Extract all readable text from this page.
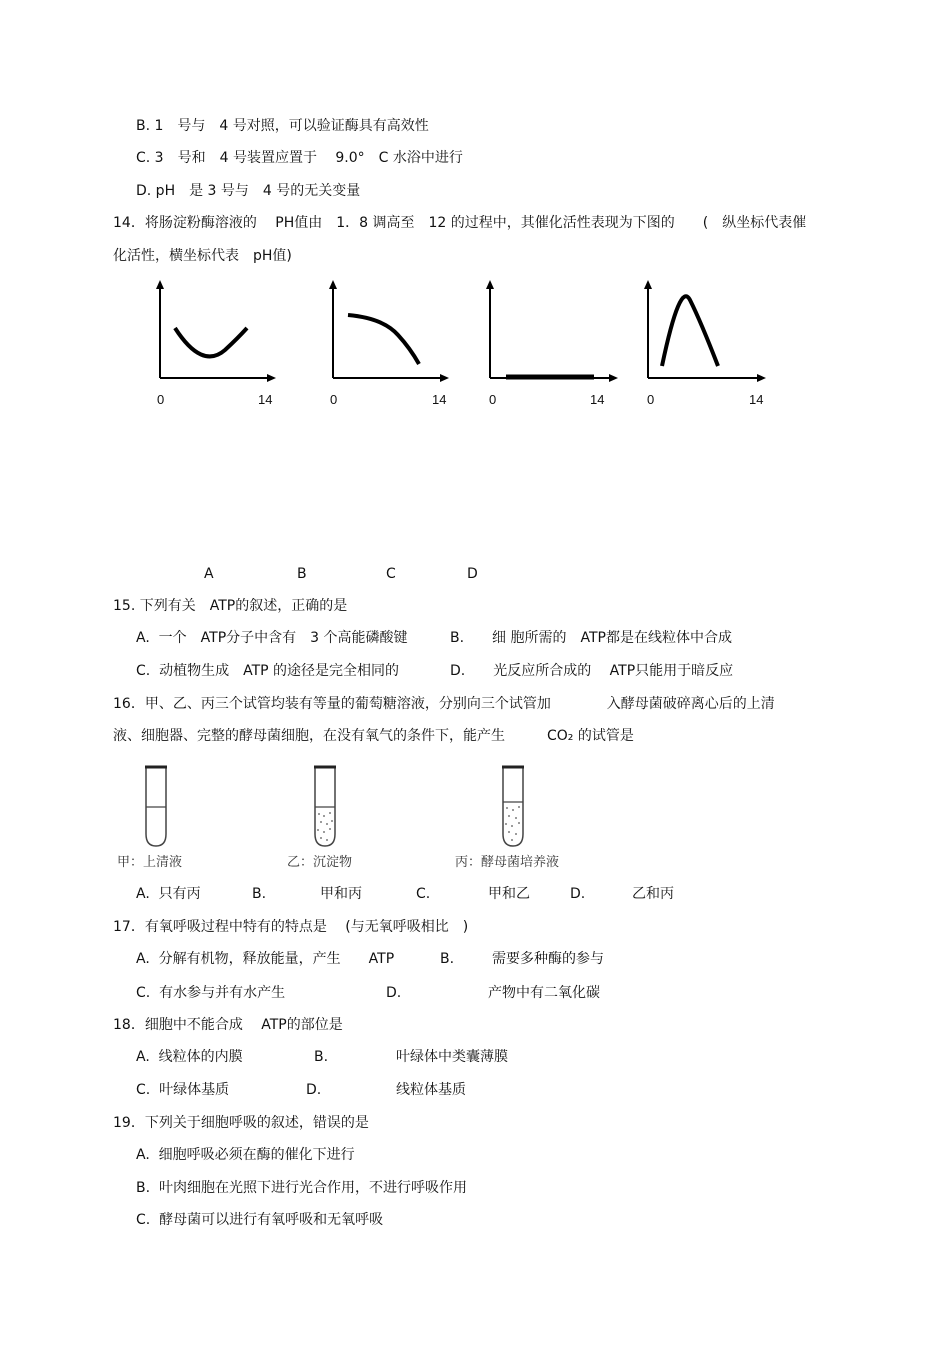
B. 1　号与　4 号对照，可以验证酶具有高效性
C. 3　号和　4 号装置应置于　 9.0°　C 水浴中进行
D. pH　是 3 号与　4 号的无关变量
14．将肠淀粉酶溶液的　 PH值由　1．8 调高至　12 的过程中，其催化活性表现为下图的　　(　纵坐标代表催
化活性，横坐标代表　pH值)
0	14	0	14	0	14	0	14
A	B	C	D
15. 下列有关　ATP的叙述，正确的是
A.  一个　ATP分子中含有　3 个高能磷酸键	B.　　细 胞所需的　ATP都是在线粒体中合成
C.  动植物生成　ATP 的途径是完全相同的	D.　　光反应所合成的　 ATP只能用于暗反应
16．甲、乙、丙三个试管均装有等量的葡萄糖溶液，分别向三个试管加　　　　入酵母菌破碎离心后的上清
液、细胞器、完整的酵母菌细胞，在没有氧气的条件下，能产生　　　CO₂ 的试管是
甲：上清液	乙：沉淀物	丙：酵母菌培养液
A.  只有丙	B.	甲和丙	C.	甲和乙	D.	乙和丙
17．有氧呼吸过程中特有的特点是　 (与无氧呼吸相比　)
A.  分解有机物，释放能量，产生　　ATP	B.	需要多种酶的参与
C.  有水参与并有水产生	D.	产物中有二氧化碳
18．细胞中不能合成　 ATP的部位是
A.  线粒体的内膜	B.	叶绿体中类囊薄膜
C.  叶绿体基质	D.	线粒体基质
19．下列关于细胞呼吸的叙述，错误的是
A.  细胞呼吸必须在酶的催化下进行
B.  叶肉细胞在光照下进行光合作用，不进行呼吸作用
C.  酵母菌可以进行有氧呼吸和无氧呼吸
